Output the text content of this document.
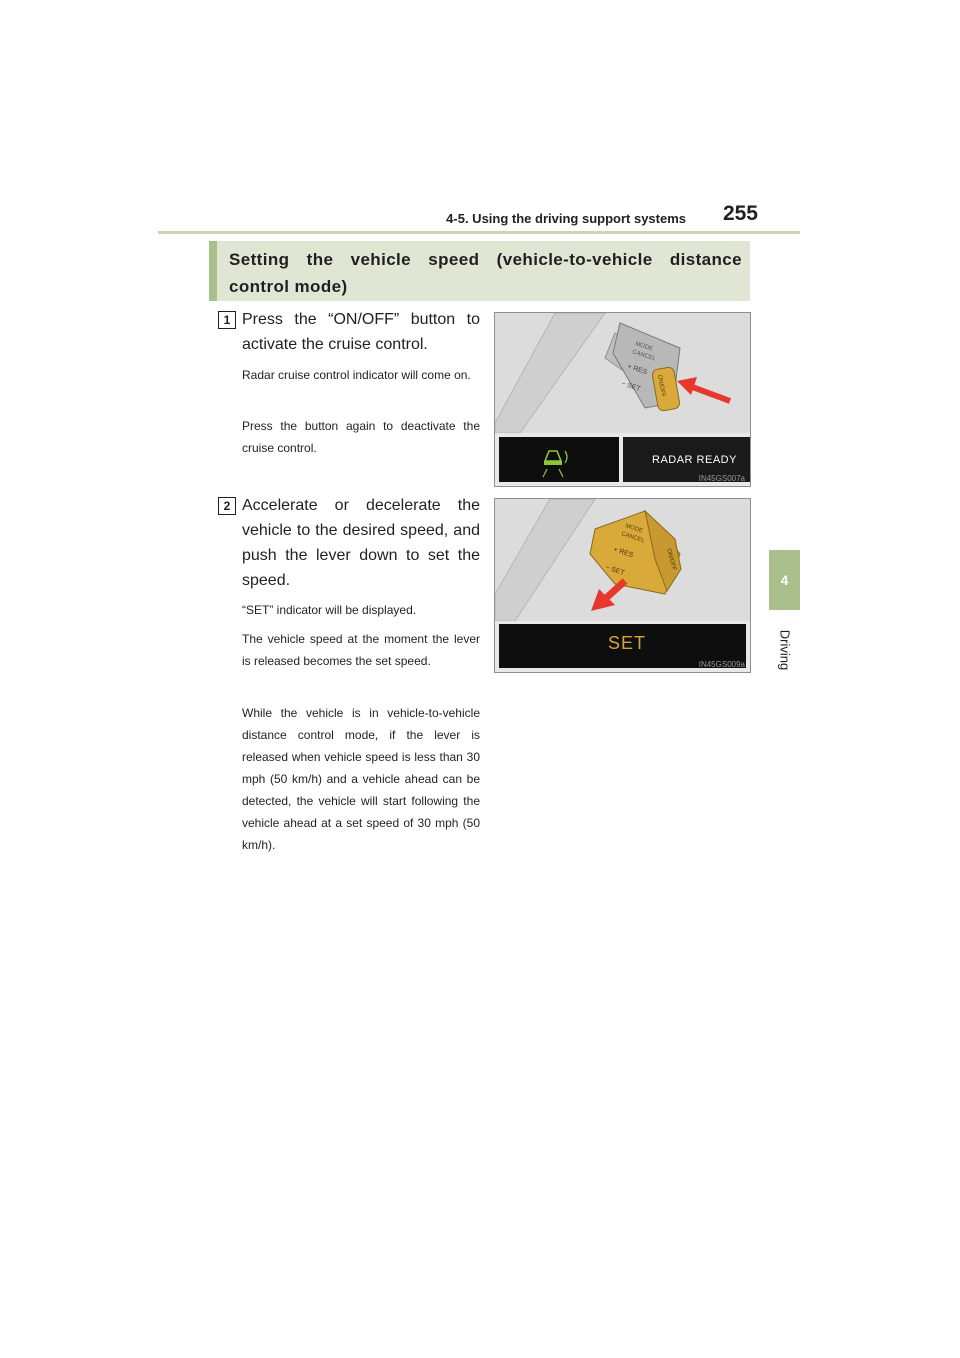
4-5. Using the driving support systems 255
4
Driving
Setting the vehicle speed (vehicle-to-vehicle distance control mode)
1 Press the “ON/OFF” button to activate the cruise control.
Radar cruise control indicator will come on.
Press the button again to deactivate the cruise control.
MODE
CANCEL
+ RES
− SET ON/OFF
RADAR READY
IN45GS007a
2 Accelerate or decelerate the vehicle to the desired speed, and push the lever down to set the speed.
“SET” indicator will be displayed.
The vehicle speed at the moment the lever is released becomes the set speed.
While the vehicle is in vehicle-to-vehicle distance control mode, if the lever is released when vehicle speed is less than 30 mph (50 km/h) and a vehicle ahead can be detected, the vehicle will start following the vehicle ahead at a set speed of 30 mph (50 km/h).
MODE
CANCEL
+ RES
− SET	ON/OFF
SET
IN45GS009a
